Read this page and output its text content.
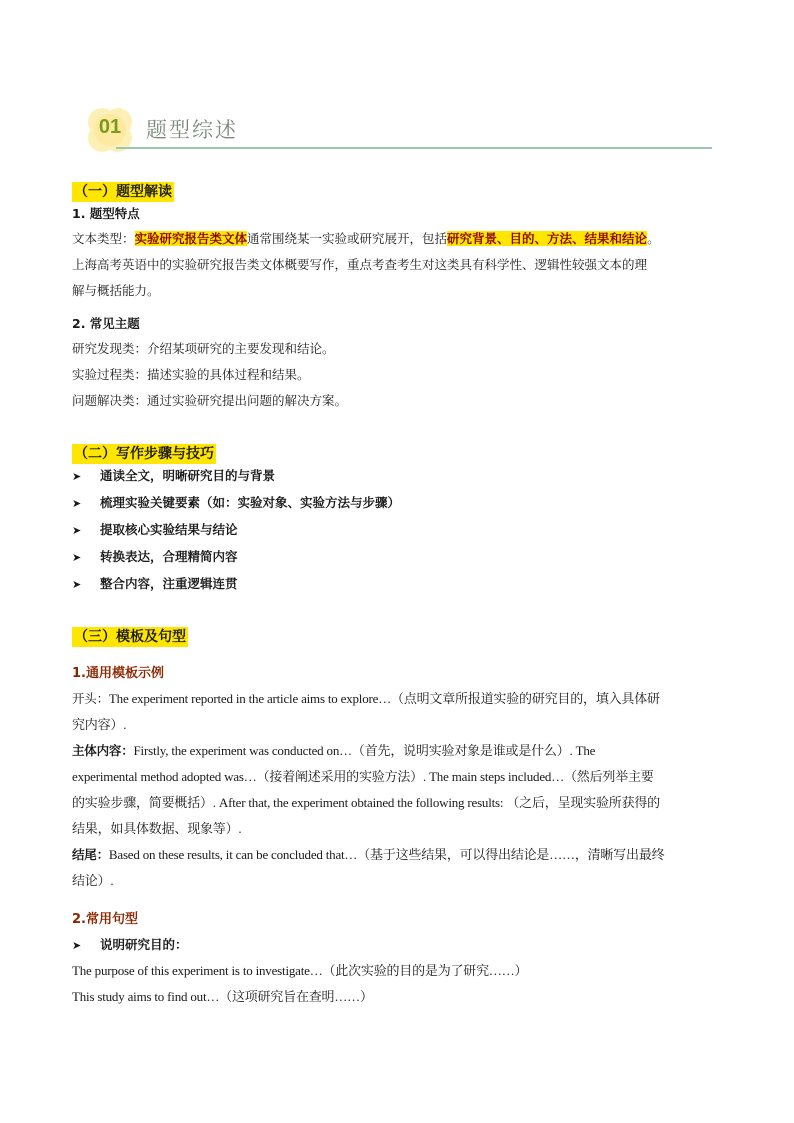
01	题型综述
（一）题型解读
1. 题型特点
文本类型：实验研究报告类文体通常围绕某一实验或研究展开，包括研究背景、目的、方法、结果和结论。
上海高考英语中的实验研究报告类文体概要写作，重点考查考生对这类具有科学性、逻辑性较强文本的理
解与概括能力。
2. 常见主题
研究发现类：介绍某项研究的主要发现和结论。
实验过程类：描述实验的具体过程和结果。
问题解决类：通过实验研究提出问题的解决方案。
（二）写作步骤与技巧
➤ 通读全文，明晰研究目的与背景
➤ 梳理实验关键要素（如：实验对象、实验方法与步骤）
➤ 提取核心实验结果与结论
➤ 转换表达，合理精简内容
➤ 整合内容，注重逻辑连贯
（三）模板及句型
1.通用模板示例
开头：The experiment reported in the article aims to explore…（点明文章所报道实验的研究目的，填入具体研
究内容）.
主体内容：Firstly, the experiment was conducted on…（首先，说明实验对象是谁或是什么）. The
experimental method adopted was…（接着阐述采用的实验方法）. The main steps included…（然后列举主要
的实验步骤，简要概括）. After that, the experiment obtained the following results: （之后，呈现实验所获得的
结果，如具体数据、现象等）.
结尾：Based on these results, it can be concluded that…（基于这些结果，可以得出结论是……，清晰写出最终
结论）.
2.常用句型
➤ 说明研究目的：
The purpose of this experiment is to investigate…（此次实验的目的是为了研究……）
This study aims to find out…（这项研究旨在查明……）
